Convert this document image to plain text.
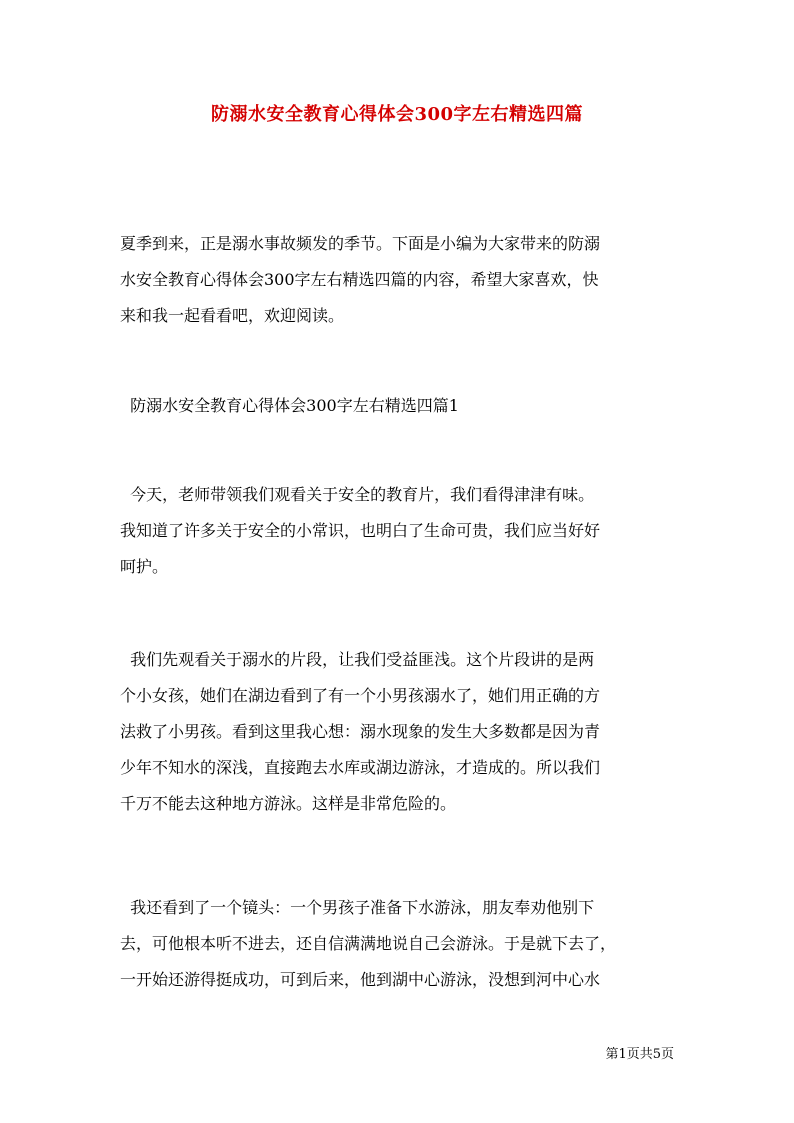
防溺水安全教育心得体会300字左右精选四篇
夏季到来，正是溺水事故频发的季节。下面是小编为大家带来的防溺
水安全教育心得体会300字左右精选四篇的内容，希望大家喜欢，快
来和我一起看看吧，欢迎阅读。
防溺水安全教育心得体会300字左右精选四篇1
今天，老师带领我们观看关于安全的教育片，我们看得津津有味。
我知道了许多关于安全的小常识，也明白了生命可贵，我们应当好好
呵护。
我们先观看关于溺水的片段，让我们受益匪浅。这个片段讲的是两
个小女孩，她们在湖边看到了有一个小男孩溺水了，她们用正确的方
法救了小男孩。看到这里我心想：溺水现象的发生大多数都是因为青
少年不知水的深浅，直接跑去水库或湖边游泳，才造成的。所以我们
千万不能去这种地方游泳。这样是非常危险的。
我还看到了一个镜头：一个男孩子准备下水游泳，朋友奉劝他别下
去，可他根本听不进去，还自信满满地说自己会游泳。于是就下去了，
一开始还游得挺成功，可到后来，他到湖中心游泳，没想到河中心水
第1页共5页
